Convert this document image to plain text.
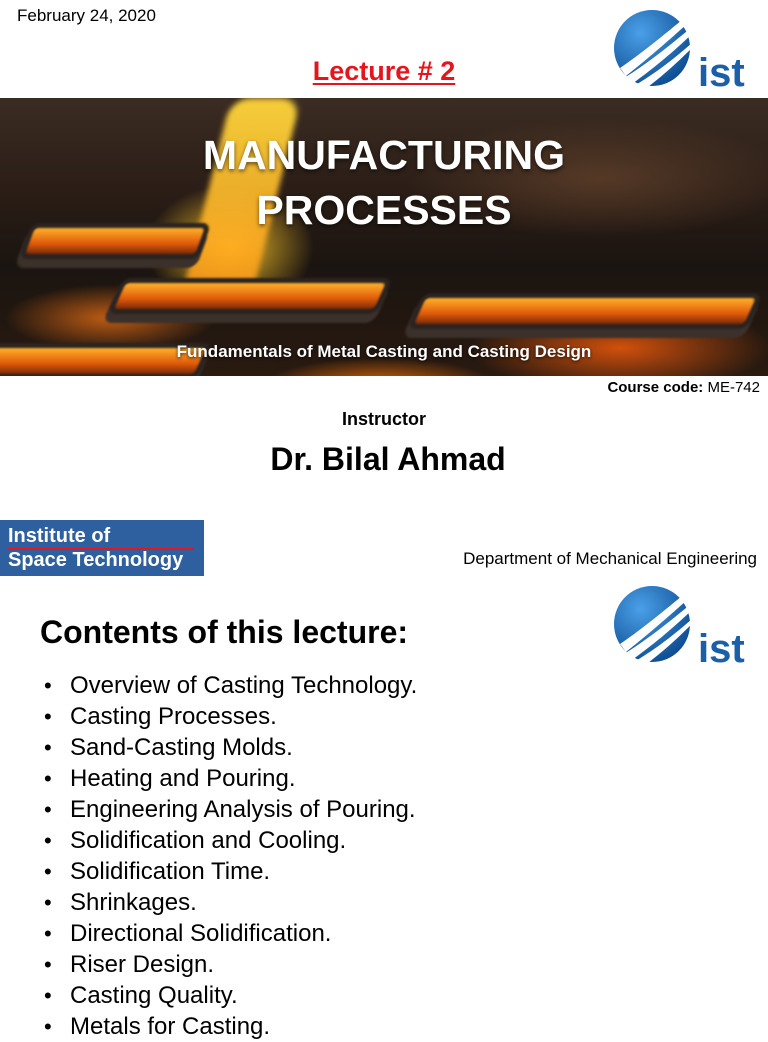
February 24, 2020
ist
Lecture # 2
MANUFACTURING
PROCESSES
Fundamentals of Metal Casting and Casting Design
Course code: ME-742
Instructor
Dr. Bilal Ahmad
Institute of
Space Technology	Department of Mechanical Engineering
Contents of this lecture:	ist
• Overview of Casting Technology.
• Casting Processes.
• Sand-Casting Molds.
• Heating and Pouring.
• Engineering Analysis of Pouring.
• Solidification and Cooling.
• Solidification Time.
• Shrinkages.
• Directional Solidification.
• Riser Design.
• Casting Quality.
• Metals for Casting.
